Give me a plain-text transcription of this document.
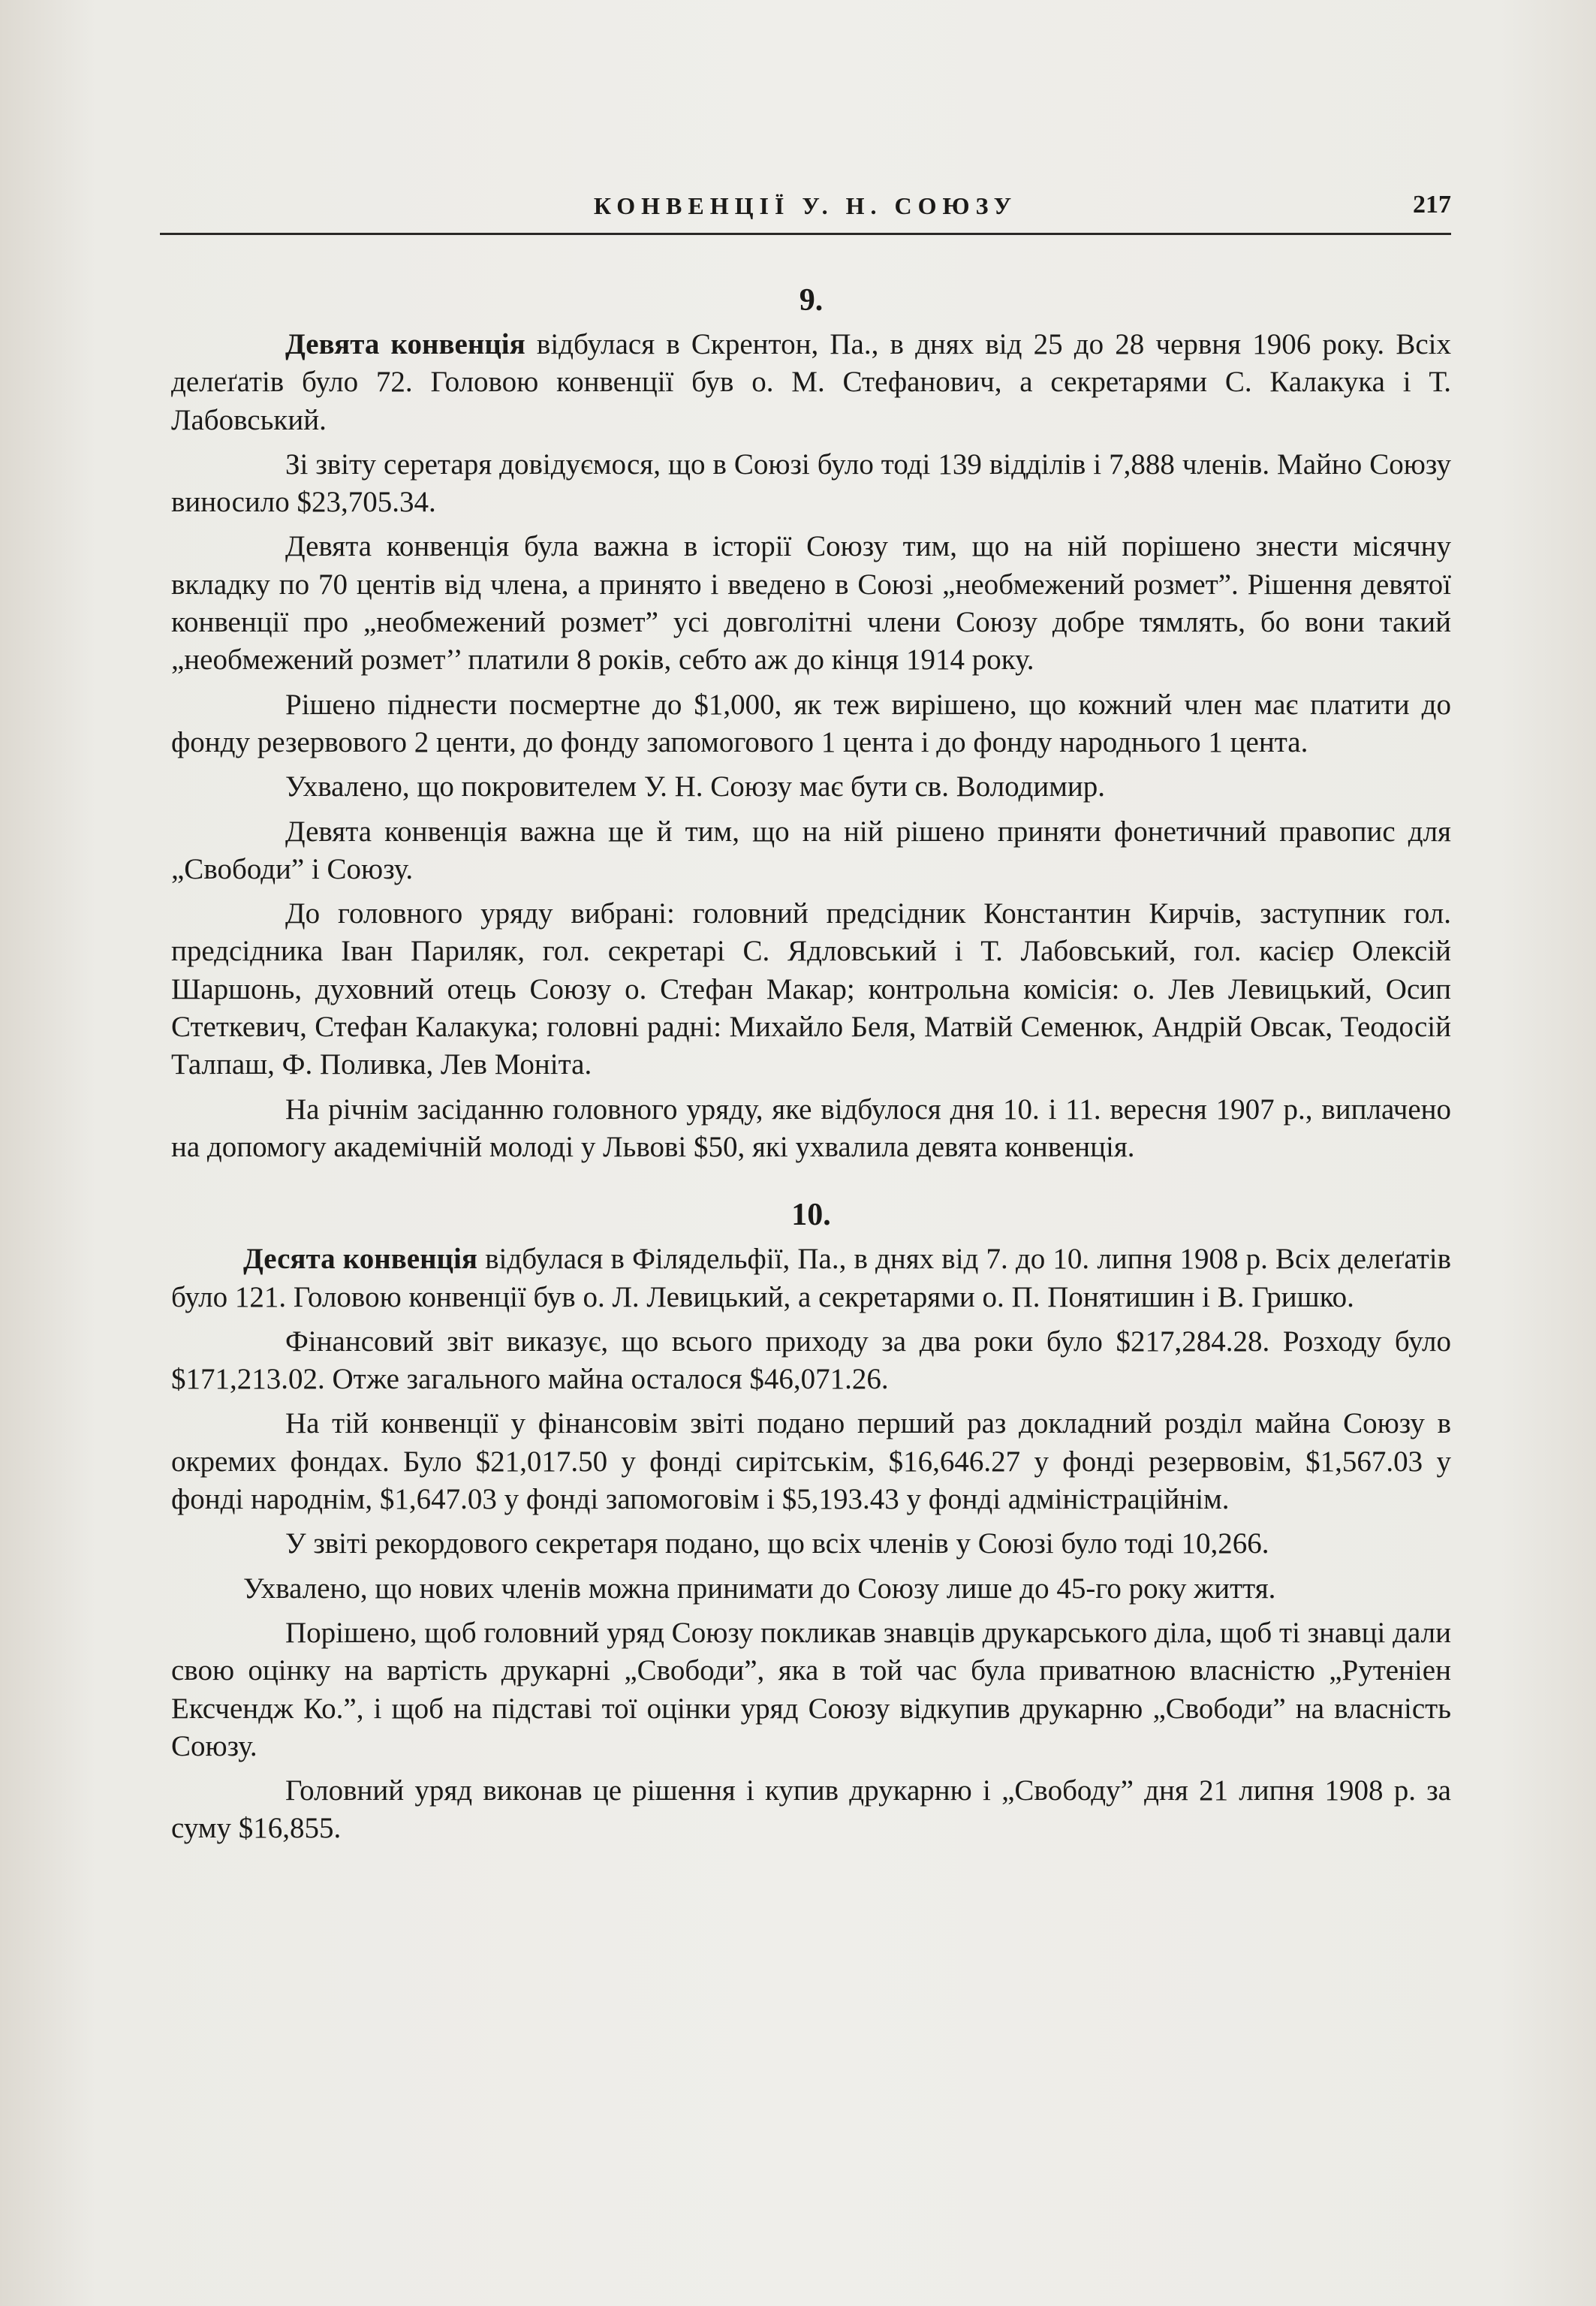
КОНВЕНЦІЇ У. Н. СОЮЗУ	217
9.

Девята конвенція відбулася в Скрентон, Па., в днях від 25 до 28 червня 1906 року. Всіх делеґатів було 72. Головою конвенції був о. М. Стефанович, а секретарями С. Калакука і Т. Лабовський.

Зі звіту серетаря довідуємося, що в Союзі було тоді 139 відділів і 7,888 членів. Майно Союзу виносило $23,705.34.

Девята конвенція була важна в історії Союзу тим, що на ній порішено знести місячну вкладку по 70 центів від члена, а принято і введено в Союзі „необмежений розмет”. Рішення девятої конвенції про „необмежений розмет” усі довголітні члени Союзу добре тямлять, бо вони такий „необмежений розмет’’ платили 8 років, себто аж до кінця 1914 року.

Рішено піднести посмертне до $1,000, як теж вирішено, що кожний член має платити до фонду резервового 2 центи, до фонду запомогового 1 цента і до фонду народнього 1 цента.

Ухвалено, що покровителем У. Н. Союзу має бути св. Володимир.

Девята конвенція важна ще й тим, що на ній рішено приняти фонетичний правопис для „Свободи” і Союзу.

До головного уряду вибрані: головний предсідник Константин Кирчів, заступник гол. предсідника Іван Париляк, гол. секретарі С. Ядловський і Т. Лабовський, гол. касієр Олексій Шаршонь, духовний отець Союзу о. Стефан Макар; контрольна комісія: о. Лев Левицький, Осип Стеткевич, Стефан Калакука; головні радні: Михайло Беля, Матвій Семенюк, Андрій Овсак, Теодосій Талпаш, Ф. Поливка, Лев Моніта.

На річнім засіданню головного уряду, яке відбулося дня 10. і 11. вересня 1907 р., виплачено на допомогу академічній молоді у Львові $50, які ухвалила девята конвенція.

10.

Десята конвенція відбулася в Філядельфії, Па., в днях від 7. до 10. липня 1908 р. Всіх делеґатів було 121. Головою конвенції був о. Л. Левицький, а секретарями о. П. Понятишин і В. Гришко.

Фінансовий звіт виказує, що всього приходу за два роки було $217,284.28. Розходу було $171,213.02. Отже загального майна осталося $46,071.26.

На тій конвенції у фінансовім звіті подано перший раз докладний розділ майна Союзу в окремих фондах. Було $21,017.50 у фонді сирітськім, $16,646.27 у фонді резервовім, $1,567.03 у фонді народнім, $1,647.03 у фонді запомоговім і $5,193.43 у фонді адміністраційнім.

У звіті рекордового секретаря подано, що всіх членів у Союзі було тоді 10,266.

Ухвалено, що нових членів можна принимати до Союзу лише до 45-го року життя.

Порішено, щоб головний уряд Союзу покликав знавців друкарського діла, щоб ті знавці дали свою оцінку на вартість друкарні „Свободи”, яка в той час була приватною власністю „Рутеніен Ексчендж Ко.”, і щоб на підставі тої оцінки уряд Союзу відкупив друкарню „Свободи” на власність Союзу.

Головний уряд виконав це рішення і купив друкарню і „Свободу” дня 21 липня 1908 р. за суму $16,855.
